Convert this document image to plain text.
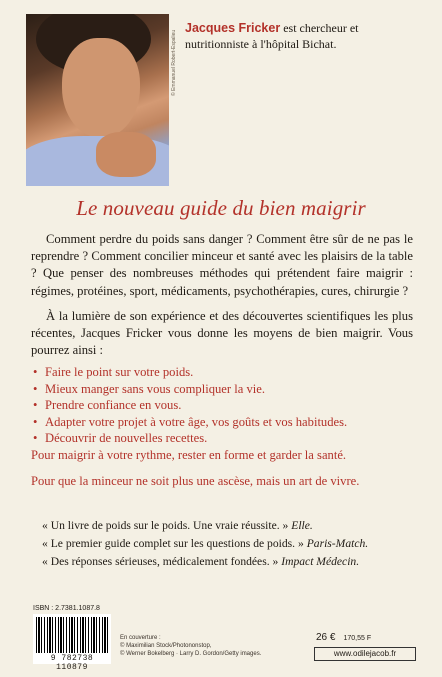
© Emmanuel Robert-Espalieu
Jacques Fricker est chercheur et nutritionniste à l'hôpital Bichat.
Le nouveau guide du bien maigrir

Comment perdre du poids sans danger ? Comment être sûr de ne pas le reprendre ? Comment concilier minceur et santé avec les plaisirs de la table ? Que penser des nombreuses méthodes qui prétendent faire maigrir : régimes, protéines, sport, médicaments, psychothérapies, cures, chirurgie ?

À la lumière de son expérience et des découvertes scientifiques les plus récentes, Jacques Fricker vous donne les moyens de bien maigrir. Vous pourrez ainsi :

• Faire le point sur votre poids.
• Mieux manger sans vous compliquer la vie.
• Prendre confiance en vous.
• Adapter votre projet à votre âge, vos goûts et vos habitudes.
• Découvrir de nouvelles recettes.

Pour maigrir à votre rythme, rester en forme et garder la santé.

Pour que la minceur ne soit plus une ascèse, mais un art de vivre.

« Un livre de poids sur le poids. Une vraie réussite. » Elle.
« Le premier guide complet sur les questions de poids. » Paris-Match.
« Des réponses sérieuses, médicalement fondées. » Impact Médecin.
ISBN : 2.7381.1087.8
9 782738 110879
En couverture :
© Maximilian Stock/Photononstop,
© Werner Bokelberg · Larry D. Gordon/Getty images.
26 € 170,55 F
www.odilejacob.fr
